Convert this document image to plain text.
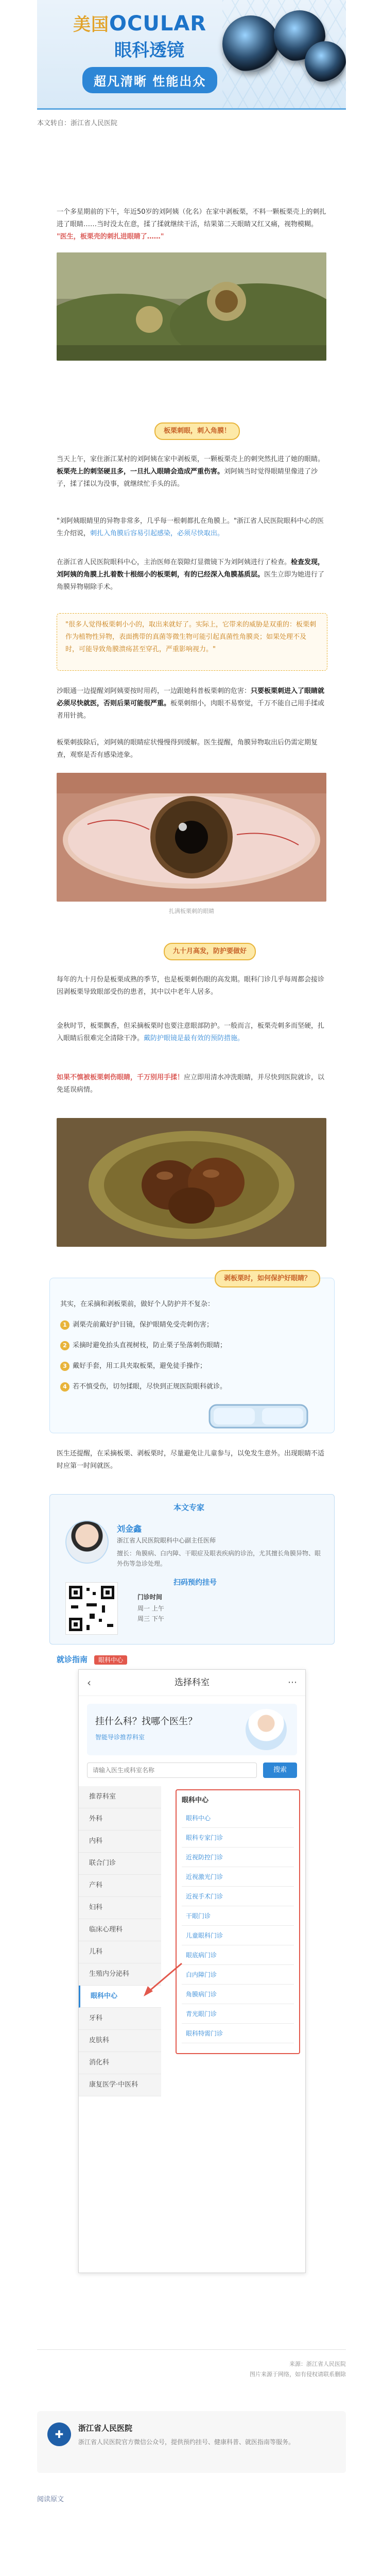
美国OCULAR
眼科透镜
超凡清晰 性能出众
本文转自：浙江省人民医院

一个多星期前的下午，年近50岁的刘阿姨（化名）在家中剥板栗，不料一颗板栗壳上的刺扎进了眼睛……当时没太在意，揉了揉就继续干活，结果第二天眼睛又红又痛，视物模糊。 "医生，板栗壳的刺扎进眼睛了……"

板栗刺眼，刺入角膜！

当天上午，家住浙江某村的刘阿姨在家中剥板栗，一颗板栗壳上的刺突然扎进了她的眼睛。板栗壳上的刺坚硬且多，一旦扎入眼睛会造成严重伤害。刘阿姨当时觉得眼睛里像进了沙子，揉了揉以为没事，就继续忙手头的活。

"刘阿姨眼睛里的异物非常多，几乎每一根刺都扎在角膜上。"浙江省人民医院眼科中心的医生介绍说，刺扎入角膜后容易引起感染，必须尽快取出。

在浙江省人民医院眼科中心，主治医师在裂隙灯显微镜下为刘阿姨进行了检查。检查发现，刘阿姨的角膜上扎着数十根细小的板栗刺，有的已经深入角膜基质层。医生立即为她进行了角膜异物剔除手术。

"很多人觉得板栗刺小小的，取出来就好了。实际上，它带来的威胁是双重的：板栗刺作为植物性异物，表面携带的真菌等微生物可能引起真菌性角膜炎；如果处理不及时，可能导致角膜溃疡甚至穿孔，严重影响视力。"

沙眼通一边提醒刘阿姨要按时用药，一边跟她科普板栗刺的危害：只要板栗刺进入了眼睛就必须尽快就医，否则后果可能很严重。板栗刺细小，肉眼不易察觉，千万不能自己用手揉或者用针挑。

板栗刺拔除后，刘阿姨的眼睛症状慢慢得到缓解。医生提醒，角膜异物取出后仍需定期复查，观察是否有感染迹象。

扎满板栗刺的眼睛
九十月高发，防护要做好

每年的九十月份是板栗成熟的季节，也是板栗刺伤眼的高发期。眼科门诊几乎每周都会接诊因剥板栗导致眼部受伤的患者，其中以中老年人居多。

金秋时节，板栗飘香，但采摘板栗时也要注意眼部防护。一般而言，板栗壳刺多而坚硬，扎入眼睛后很难完全清除干净。戴防护眼镜是最有效的预防措施。

如果不慎被板栗刺伤眼睛，千万别用手揉！应立即用清水冲洗眼睛，并尽快到医院就诊，以免延误病情。

剥板栗时，如何保护好眼睛？
其实，在采摘和剥板栗前，做好个人防护并不复杂：
1 剥栗壳前戴好护目镜，保护眼睛免受壳刺伤害；
2 采摘时避免抬头直视树枝，防止栗子坠落刺伤眼睛；
3 戴好手套，用工具夹取板栗，避免徒手操作；
4 若不慎受伤，切勿揉眼，尽快到正规医院眼科就诊。

医生还提醒，在采摘板栗、剥板栗时，尽量避免让儿童参与，以免发生意外。出现眼睛不适时应第一时间就医。

本文专家
刘金鑫
浙江省人民医院眼科中心副主任医师
擅长：角膜病、白内障、干眼症及眼表疾病的诊治，尤其擅长角膜异物、眼外伤等急诊处理。
扫码预约挂号
门诊时间
周一 上午
周三 下午
就诊指南 眼科中心
‹	选择科室	⋯
挂什么科？找哪个医生？
智能导诊推荐科室
请输入医生或科室名称
搜索
推荐科室
外科
内科
联合门诊
产科
妇科
临床心理科
儿科
生殖内分泌科
眼科中心
牙科
皮肤科
消化科
康复医学·中医科
眼科中心
眼科中心
眼科专家门诊
近视防控门诊
近视激光门诊
近视手术门诊
干眼门诊
儿童眼科门诊
眼底病门诊
白内障门诊
角膜病门诊
青光眼门诊
眼科特需门诊
来源：浙江省人民医院
图片来源于网络，如有侵权请联系删除
✚	浙江省人民医院
浙江省人民医院官方微信公众号，提供预约挂号、健康科普、就医指南等服务。
阅读原文
